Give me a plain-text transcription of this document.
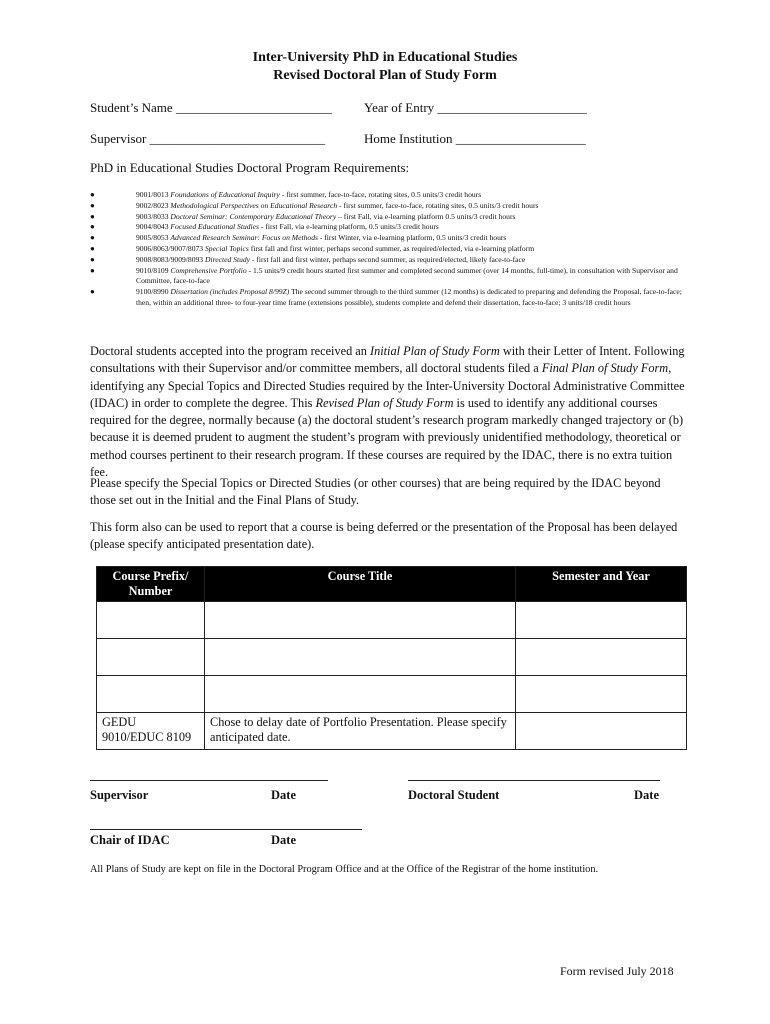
Inter-University PhD in Educational Studies
Revised Doctoral Plan of Study Form
Student’s Name ________________________ Year of Entry _______________________
Supervisor ___________________________	Home Institution ____________________
PhD in Educational Studies Doctoral Program Requirements:
●	9001/8013 Foundations of Educational Inquiry - first summer, face-to-face, rotating sites, 0.5 units/3 credit hours
●	9002/8023 Methodological Perspectives on Educational Research - first summer, face-to-face, rotating sites, 0.5 units/3 credit hours
●	9003/8033 Doctoral Seminar: Contemporary Educational Theory – first Fall, via e-learning platform 0.5 units/3 credit hours
●	9004/8043 Focused Educational Studies - first Fall, via e-learning platform, 0.5 units/3 credit hours
●	9005/8053 Advanced Research Seminar: Focus on Methods - first Winter, via e-learning platform, 0.5 units/3 credit hours
●	9006/8063/9007/8073 Special Topics first fall and first winter, perhaps second summer, as required/elected, via e-learning platform
●	9008/8083/9009/8093 Directed Study - first fall and first winter, perhaps second summer, as required/elected, likely face-to-face
●	9010/8109 Comprehensive Portfolio - 1.5 units/9 credit hours started first summer and completed second summer (over 14 months, full-time), in consultation with Supervisor and Committee, face-to-face
●	9100/8990 Dissertation (includes Proposal 8/99Z) The second summer through to the third summer (12 months) is dedicated to preparing and defending the Proposal, face-to-face; then, within an additional three- to four-year time frame (extensions possible), students complete and defend their dissertation, face-to-face; 3 units/18 credit hours

Doctoral students accepted into the program received an Initial Plan of Study Form with their Letter of Intent. Following consultations with their Supervisor and/or committee members, all doctoral students filed a Final Plan of Study Form, identifying any Special Topics and Directed Studies required by the Inter-University Doctoral Administrative Committee (IDAC) in order to complete the degree. This Revised Plan of Study Form is used to identify any additional courses required for the degree, normally because (a) the doctoral student’s research program markedly changed trajectory or (b) because it is deemed prudent to augment the student’s program with previously unidentified methodology, theoretical or method courses pertinent to their research program. If these courses are required by the IDAC, there is no extra tuition fee.

Please specify the Special Topics or Directed Studies (or other courses) that are being required by the IDAC beyond those set out in the Initial and the Final Plans of Study.

This form also can be used to report that a course is being deferred or the presentation of the Proposal has been delayed (please specify anticipated presentation date).

Course Prefix/ Number	Course Title	Semester and Year

GEDU 9010/EDUC 8109	Chose to delay date of Portfolio Presentation. Please specify anticipated date.	
Supervisor	Date	Doctoral Student	Date
Chair of IDAC	Date
All Plans of Study are kept on file in the Doctoral Program Office and at the Office of the Registrar of the home institution.
Form revised July 2018
